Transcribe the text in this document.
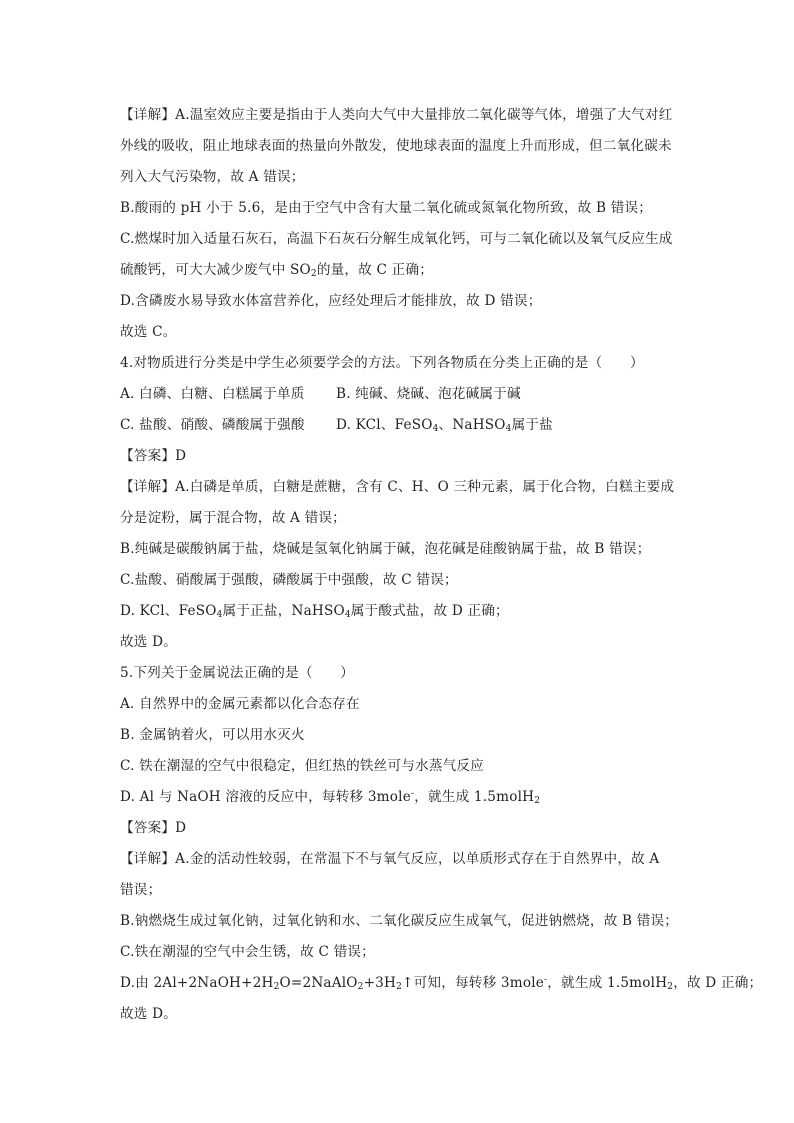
【详解】A.温室效应主要是指由于人类向大气中大量排放二氧化碳等气体，增强了大气对红
外线的吸收，阻止地球表面的热量向外散发，使地球表面的温度上升而形成，但二氧化碳未
列入大气污染物，故 A 错误；
B.酸雨的 pH 小于 5.6，是由于空气中含有大量二氧化硫或氮氧化物所致，故 B 错误；
C.燃煤时加入适量石灰石，高温下石灰石分解生成氧化钙，可与二氧化硫以及氧气反应生成
硫酸钙，可大大减少废气中 $SO_2$的量，故 C 正确；
D.含磷废水易导致水体富营养化，应经处理后才能排放，故 D 错误；
故选 C。
4.对物质进行分类是中学生必须要学会的方法。下列各物质在分类上正确的是（　　）
A. 白磷、白糖、白糕属于单质	B. 纯碱、烧碱、泡花碱属于碱
C. 盐酸、硝酸、磷酸属于强酸	D. KCl、FeSO$_4$、NaHSO$_4$属于盐
【答案】D
【详解】A.白磷是单质，白糖是蔗糖，含有 C、H、O 三种元素，属于化合物，白糕主要成
分是淀粉，属于混合物，故 A 错误；
B.纯碱是碳酸钠属于盐，烧碱是氢氧化钠属于碱，泡花碱是硅酸钠属于盐，故 B 错误；
C.盐酸、硝酸属于强酸，磷酸属于中强酸，故 C 错误；
D. KCl、FeSO$_4$属于正盐，NaHSO$_4$属于酸式盐，故 D 正确；
故选 D。
5.下列关于金属说法正确的是（　　）
A. 自然界中的金属元素都以化合态存在
B. 金属钠着火，可以用水灭火
C. 铁在潮湿的空气中很稳定，但红热的铁丝可与水蒸气反应
D. Al 与 NaOH 溶液的反应中，每转移 3mole-，就生成 1.5molH$_2$
【答案】D
【详解】A.金的活动性较弱，在常温下不与氧气反应，以单质形式存在于自然界中，故 A
错误；
B.钠燃烧生成过氧化钠，过氧化钠和水、二氧化碳反应生成氧气，促进钠燃烧，故 B 错误；
C.铁在潮湿的空气中会生锈，故 C 错误；
D.由 $2Al+2NaOH+2H_2O=2NaAlO_2+3H_2↑$可知，每转移 3mole-，就生成 1.5molH$_2$，故 D 正确；
故选 D。
